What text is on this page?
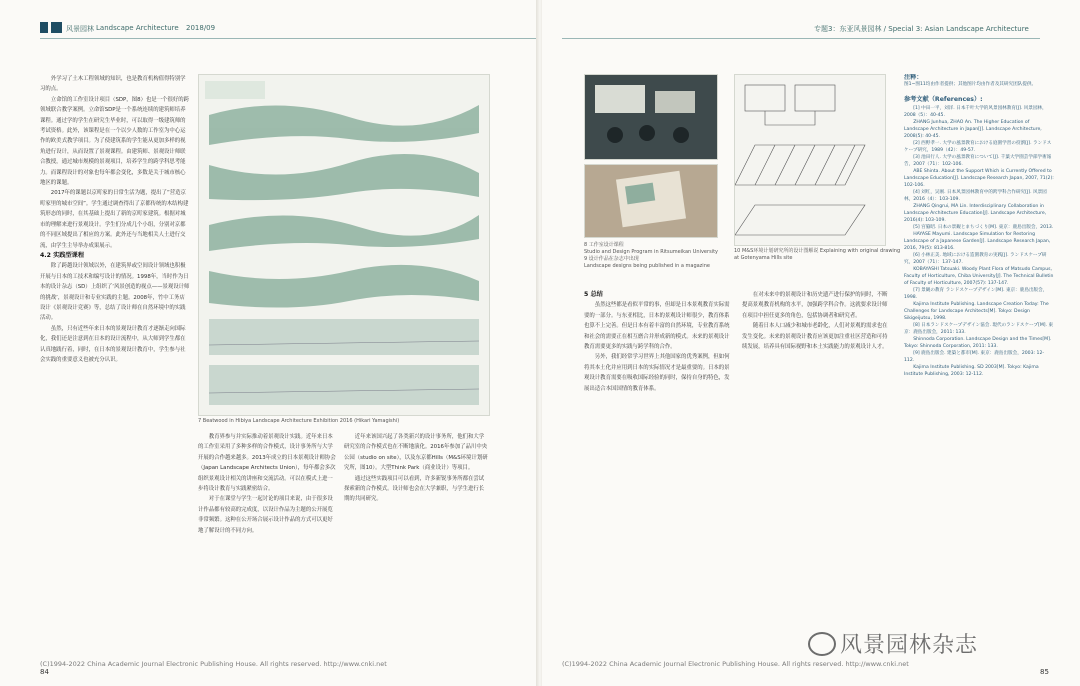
风景园林 Landscape Architecture 2018/09

外学习了土木工程领域的知识，也是教育机构值得特别学习的点。

立命馆的工作室设计项目（SDP，图8）也是一个很好的跨领域联合教学案例。立命馆SDP是一个系统连续的建筑师培养课程。通过学的学生在研究生毕业时，可以取得一级建筑师的考试资格。此外，该课程是在一个以少人数的工作室为中心运作的欧美式教学项目。为了使建筑系的学生能从更加多样的视角进行设计，从而设置了景观课程。由建筑师、景观设计师联合教授，通过城市规模的景观项目，培养学生的跨学科思考能力。而课程设计的对象也每年都会变化，多数是关于城市核心地区的课题。

2017年的课题以京町家的日常生活为题，提出了“营造京町家里的城市空间”。学生通过调查得出了京都传统的木结构建筑形态的同时，在其基础上提出了新的京町家建筑。根据对城市的理解来进行景观设计。学生们分成几个小组，分别对京都的不同区域提出了相应的方案。此外还与当地相关人士进行交流，由学生主导举办成果展示。

4.2 实践型课程

除了跨越设计领域以外，在建筑界或空间设计领域也积极开展与日本的工技术和编写设计的情况。1998年，当时作为日本的设计杂志（SD）上组织了‘风景创造的视点——景观设计师的挑战’，景观设计和专业实践的主题。2008年，竹中工务店设计《景观设计竞赛》等，总结了设计师在自然环境中的实践活动。

虽然，只有近些年来日本的景观设计教育才逐渐走向国际化，我们还是注意到在日本的设计流程中，从大师到学生都在认真地践行着，同时，在日本的景观设计教育中，学生参与社会实践的重要意义也被充分认识。

7 Beatwood in Hibiya Landscape Architecture Exhibition 2016 (Hikari Yamagishi)

教育界参与并实际推动着景观设计实践。近年来日本的工作室采用了多种多样的合作模式，设计事务所与大学开展的合作越来越多。2013年成立的日本景观设计师协会（Japan Landscape Architects Union），每年都会多次组织景观设计相关的讲座和交流活动。可以在模式上进一步将设计教育与实践紧密结合。

对于在课堂与学生一起讨论的项目来说，由于很多设计作品都有较高的完成度，以设计作品为主题的公开展览非常频繁。这种在公开场合展示设计作品的方式可以更好地了解设计的不同方向。

近年来该国兴起了各类新兴的设计事务所，他们和大学研究室的合作模式也在不断地演化。2016年参加了品川中央公园（studio on site），以及东京都Hills（M&S环境计划研究所，图10）。大型Think Park（商业设计）等项目。

通过这些实践项目可以看到，许多新锐事务所都在尝试探索新的合作模式。设计师也会在大学兼职，与学生进行长期的共同研究。

(C)1994-2022 China Academic Journal Electronic Publishing House. All rights reserved. http://www.cnki.net
84
专题3：东亚风景园林 / Special 3: Asian Landscape Architecture
8 工作室设计课程
Studio and Design Program in Ritsumeikan University
9 设计作品在杂志中出现
Landscape designs being published in a magazine
10 M&S环境计划研究所的设计图解说 Explaining with original drawing at Gotenyama Hills site

5 总结

虽然这些都是看似平常的事，但却是日本景观教育实际需要的一部分。与东亚相比，日本的景观设计师很少，教育体系也算不上完善。但是日本有着丰富的自然环境，专业教育系统和社会的需要正在相互磨合并形成新的模式。未来的景观设计教育需要更多的实践与跨学科的合作。

另外，我们经常学习世界上其他国家的优秀案例，但如何将其本土化并应用到日本的实际情况才是最重要的。日本的景观设计教育需要在吸收国际经验的同时，保持自身的特色，发展出适合本国国情的教育体系。

在对未来中的景观设计和历史遗产进行保护的同时，不断提高景观教育机构的水平，加强跨学科合作。这就要求设计师在项目中担任更多的角色，包括协调者和研究者。

随着日本人口减少和城市老龄化，人们对景观的需求也在发生变化。未来的景观设计教育应该更加注重社区营造和可持续发展，培养具有国际视野和本土实践能力的景观设计人才。

注释：
图1~图11均由作者提供；其他图片均由作者及其研究团队提供。
参考文献（References）:

[1] 中田一平，刘洋. 日本千叶大学的风景园林教育[J]. 风景园林，2008（5）：40-45.

ZHANG Junhua, ZHAO An. The Higher Education of Landscape Architecture in Japan[J]. Landscape Architecture, 2008(5): 40-45.

[2] 西野孝一. 大学の風景教育における庭園学習の役割[J]. ランドスケープ研究，1989（42）：49-57.

[3] 池田行人. 大学の風景教育について[J]. 千葉大学園芸学部学術報告，2007（71）：102-106.

ABE Shinta. About the Support Which is Currently Offered to Landscape Education[J]. Landscape Research Japan, 2007, 71(2): 102-106.

[4] 刘红，吴刚. 日本风景园林教育中的跨学科合作研究[J]. 风景园林，2016（4）：103-109.

ZHANG Qingrui, MA Lin. Interdisciplinary Collaboration in Landscape Architecture Education[J]. Landscape Architecture, 2016(4): 103-109.

[5] 宫脇昭. 日本の景観とまちづくり[M]. 東京：鹿島出版会，2013.

HAYASE Mayumi. Landscape Simulation for Restoring Landscape of a Japanese Garden[J]. Landscape Research Japan, 2016, 79(5): 813-816.

[6] 小林正美. 地域における造園教育の実践[J]. ランドスケープ研究，2007（71）：137-147.

KOBAYASHI Tatsuaki. Woody Plant Flora of Matsudo Campus, Faculty of Horticulture, Chiba University[J]. The Technical Bulletin of Faculty of Horticulture, 2007(57): 137-147.

[7] 景観の教育 ランドスケープデザイン[M]. 東京：鹿島出版会，1998.

Kajima Institute Publishing. Landscape Creation Today: The Challenges for Landscape Architects[M]. Tokyo: Design Sikigeijutsu, 1998.

[8] 日本ランドスケープデザイン協会. 現代のランドスケープ[M]. 東京：鹿島出版会，2011: 133.

Shinnoda Corporation. Landscape Design and the Times[M]. Tokyo: Shinnoda Corporation, 2011: 133.

[9] 鹿島出版会. 建築と都市[M]. 東京：鹿島出版会，2003: 12-112.

Kajima Institute Publishing. SD 2003[M]. Tokyo: Kajima Institute Publishing, 2003: 12-112.

(C)1994-2022 China Academic Journal Electronic Publishing House. All rights reserved. http://www.cnki.net
85
风景园林杂志
